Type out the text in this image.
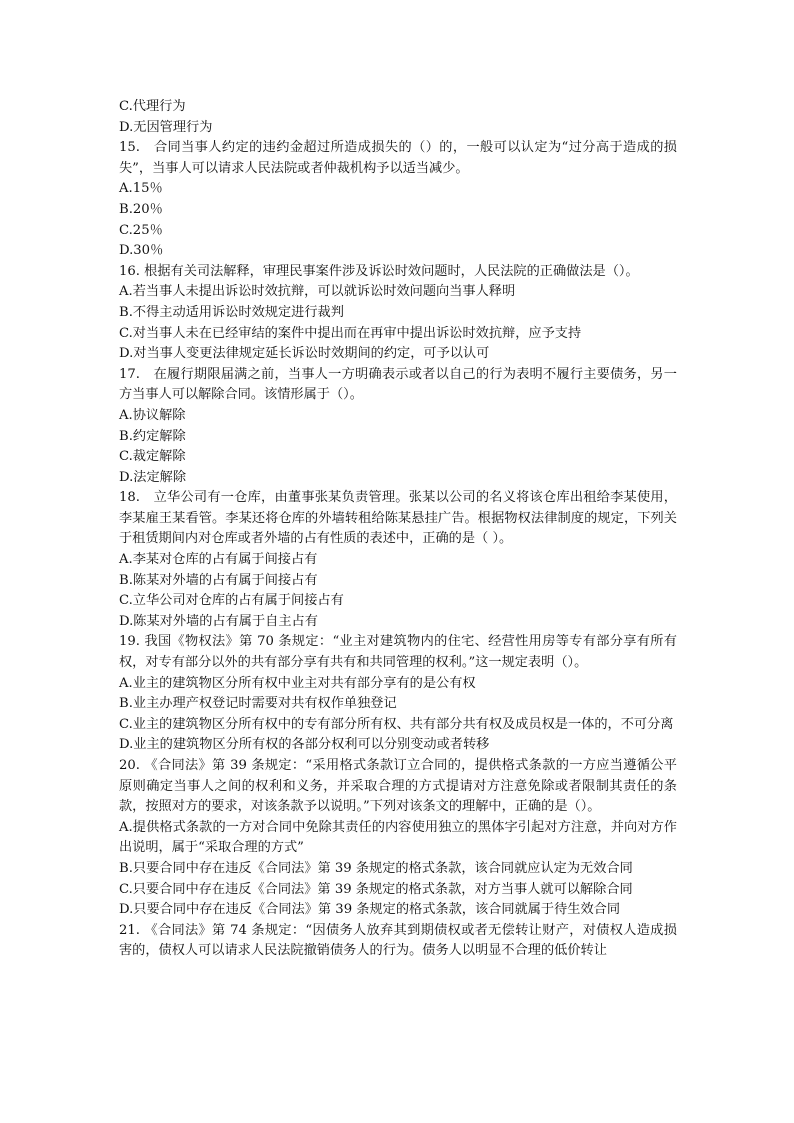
C.代理行为

D.无因管理行为

15.　合同当事人约定的违约金超过所造成损失的（）的，一般可以认定为“过分高于造成的损失”，当事人可以请求人民法院或者仲裁机构予以适当减少。

A.15％

B.20％

C.25％

D.30％

16. 根据有关司法解释，审理民事案件涉及诉讼时效问题时，人民法院的正确做法是（）。

A.若当事人未提出诉讼时效抗辩，可以就诉讼时效问题向当事人释明

B.不得主动适用诉讼时效规定进行裁判

C.对当事人未在已经审结的案件中提出而在再审中提出诉讼时效抗辩，应予支持

D.对当事人变更法律规定延长诉讼时效期间的约定，可予以认可

17.　在履行期限届满之前，当事人一方明确表示或者以自己的行为表明不履行主要债务，另一方当事人可以解除合同。该情形属于（）。

A.协议解除

B.约定解除

C.裁定解除

D.法定解除

18.　立华公司有一仓库，由董事张某负责管理。张某以公司的名义将该仓库出租给李某使用，李某雇王某看管。李某还将仓库的外墙转租给陈某悬挂广告。根据物权法律制度的规定，下列关于租赁期间内对仓库或者外墙的占有性质的表述中，正确的是（ ）。

A.李某对仓库的占有属于间接占有

B.陈某对外墙的占有属于间接占有

C.立华公司对仓库的占有属于间接占有

D.陈某对外墙的占有属于自主占有

19. 我国《物权法》第 70 条规定：“业主对建筑物内的住宅、经营性用房等专有部分享有所有权，对专有部分以外的共有部分享有共有和共同管理的权利。”这一规定表明（）。

A.业主的建筑物区分所有权中业主对共有部分享有的是公有权

B.业主办理产权登记时需要对共有权作单独登记

C.业主的建筑物区分所有权中的专有部分所有权、共有部分共有权及成员权是一体的，不可分离

D.业主的建筑物区分所有权的各部分权利可以分别变动或者转移

20. 《合同法》第 39 条规定：“采用格式条款订立合同的，提供格式条款的一方应当遵循公平原则确定当事人之间的权利和义务，并采取合理的方式提请对方注意免除或者限制其责任的条款，按照对方的要求，对该条款予以说明。”下列对该条文的理解中，正确的是（）。

A.提供格式条款的一方对合同中免除其责任的内容使用独立的黑体字引起对方注意，并向对方作出说明，属于“采取合理的方式”

B.只要合同中存在违反《合同法》第 39 条规定的格式条款，该合同就应认定为无效合同

C.只要合同中存在违反《合同法》第 39 条规定的格式条款，对方当事人就可以解除合同

D.只要合同中存在违反《合同法》第 39 条规定的格式条款，该合同就属于待生效合同

21. 《合同法》第 74 条规定：“因债务人放弃其到期债权或者无偿转让财产，对债权人造成损害的，债权人可以请求人民法院撤销债务人的行为。债务人以明显不合理的低价转让
